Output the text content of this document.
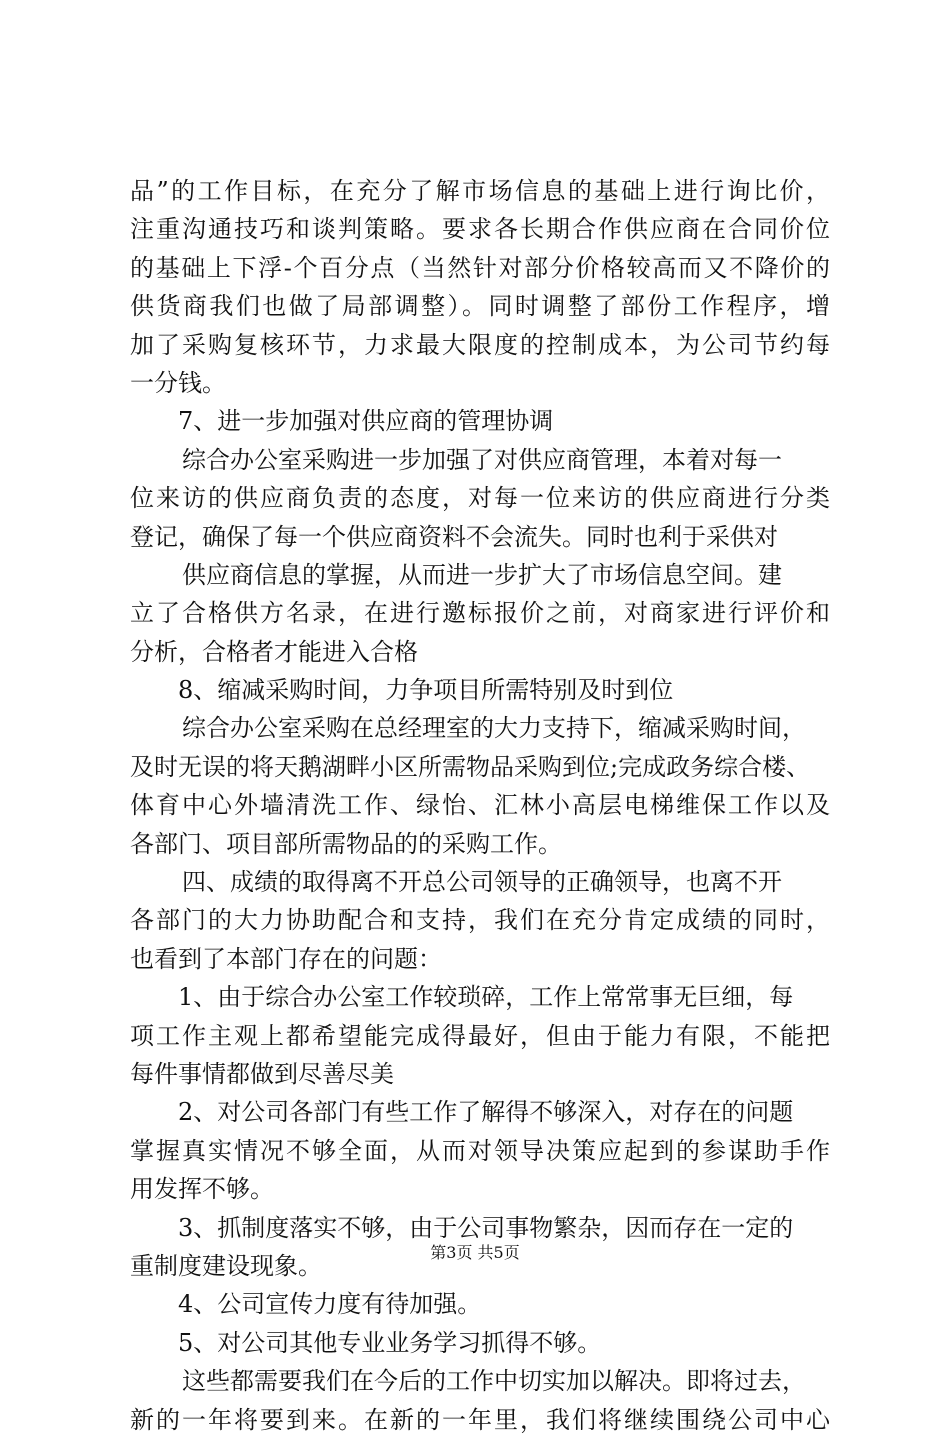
品”的工作目标，在充分了解市场信息的基础上进行询比价，
注重沟通技巧和谈判策略。要求各长期合作供应商在合同价位
的基础上下浮-个百分点（当然针对部分价格较高而又不降价的
供货商我们也做了局部调整）。同时调整了部份工作程序，增
加了采购复核环节，力求最大限度的控制成本，为公司节约每
一分钱。
7、进一步加强对供应商的管理协调
综合办公室采购进一步加强了对供应商管理，本着对每一
位来访的供应商负责的态度，对每一位来访的供应商进行分类
登记，确保了每一个供应商资料不会流失。同时也利于采供对
供应商信息的掌握，从而进一步扩大了市场信息空间。建
立了合格供方名录，在进行邀标报价之前，对商家进行评价和
分析，合格者才能进入合格
8、缩减采购时间，力争项目所需特别及时到位
综合办公室采购在总经理室的大力支持下，缩减采购时间，
及时无误的将天鹅湖畔小区所需物品采购到位;完成政务综合楼、
体育中心外墙清洗工作、绿怡、汇林小高层电梯维保工作以及
各部门、项目部所需物品的的采购工作。
四、成绩的取得离不开总公司领导的正确领导，也离不开
各部门的大力协助配合和支持，我们在充分肯定成绩的同时，
也看到了本部门存在的问题：
1、由于综合办公室工作较琐碎，工作上常常事无巨细，每
项工作主观上都希望能完成得最好，但由于能力有限，不能把
每件事情都做到尽善尽美
2、对公司各部门有些工作了解得不够深入，对存在的问题
掌握真实情况不够全面，从而对领导决策应起到的参谋助手作
用发挥不够。
3、抓制度落实不够，由于公司事物繁杂，因而存在一定的
重制度建设现象。
4、公司宣传力度有待加强。
5、对公司其他专业业务学习抓得不够。
这些都需要我们在今后的工作中切实加以解决。即将过去，
新的一年将要到来。在新的一年里，我们将继续围绕公司中心
第3页 共5页
